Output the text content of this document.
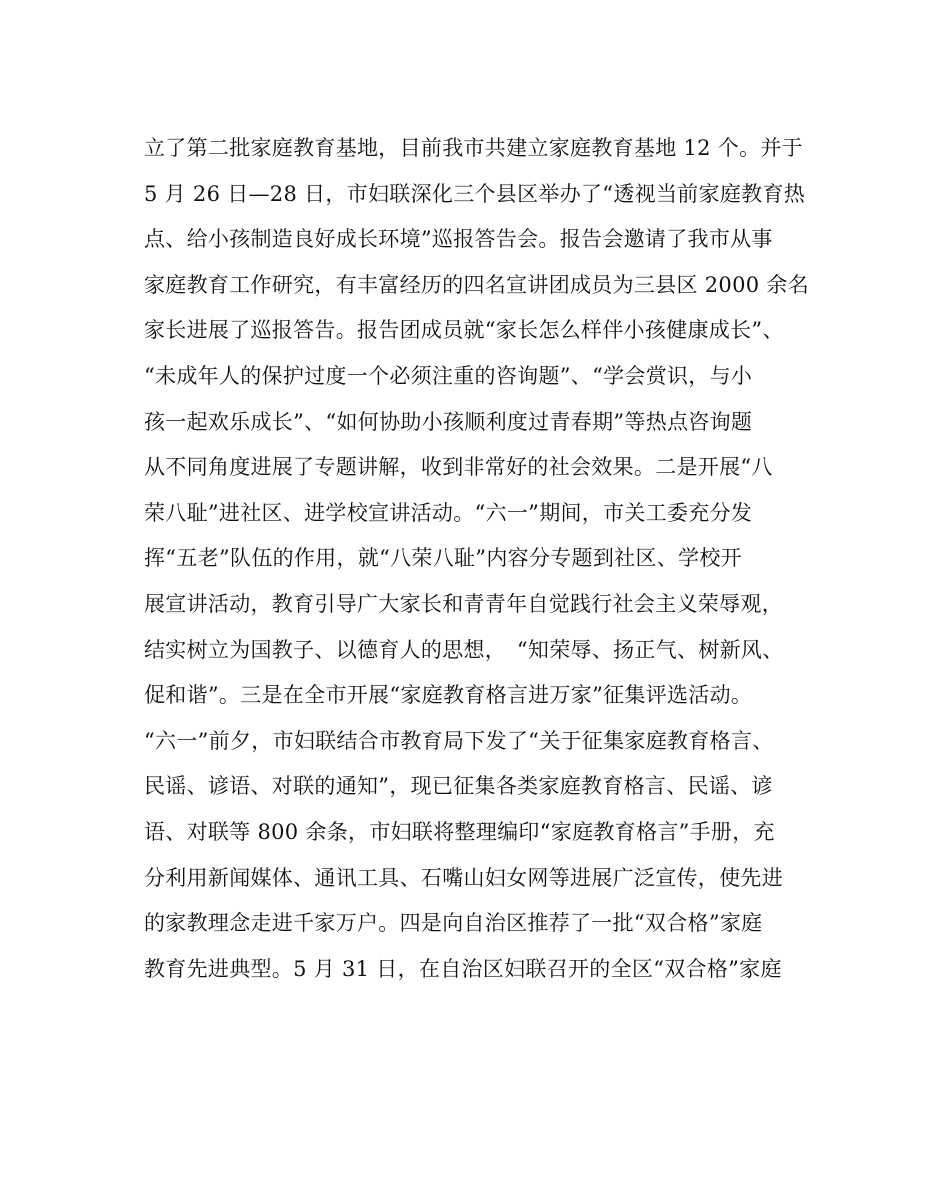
立了第二批家庭教育基地，目前我市共建立家庭教育基地 12 个。并于
5 月 26 日—28 日，市妇联深化三个县区举办了“透视当前家庭教育热
点、给小孩制造良好成长环境”巡报答告会。报告会邀请了我市从事
家庭教育工作研究，有丰富经历的四名宣讲团成员为三县区 2000 余名
家长进展了巡报答告。报告团成员就“家长怎么样伴小孩健康成长”、
“未成年人的保护过度一个必须注重的咨询题”、“学会赏识，与小
孩一起欢乐成长”、“如何协助小孩顺利度过青春期”等热点咨询题
从不同角度进展了专题讲解，收到非常好的社会效果。二是开展“八
荣八耻”进社区、进学校宣讲活动。“六一”期间，市关工委充分发
挥“五老”队伍的作用，就“八荣八耻”内容分专题到社区、学校开
展宣讲活动，教育引导广大家长和青青年自觉践行社会主义荣辱观，
结实树立为国教子、以德育人的思想，　“知荣辱、扬正气、树新风、
促和谐”。三是在全市开展“家庭教育格言进万家”征集评选活动。
“六一”前夕，市妇联结合市教育局下发了“关于征集家庭教育格言、
民谣、谚语、对联的通知”，现已征集各类家庭教育格言、民谣、谚
语、对联等 800 余条，市妇联将整理编印“家庭教育格言”手册，充
分利用新闻媒体、通讯工具、石嘴山妇女网等进展广泛宣传，使先进
的家教理念走进千家万户。四是向自治区推荐了一批“双合格”家庭
教育先进典型。5 月 31 日，在自治区妇联召开的全区“双合格”家庭
